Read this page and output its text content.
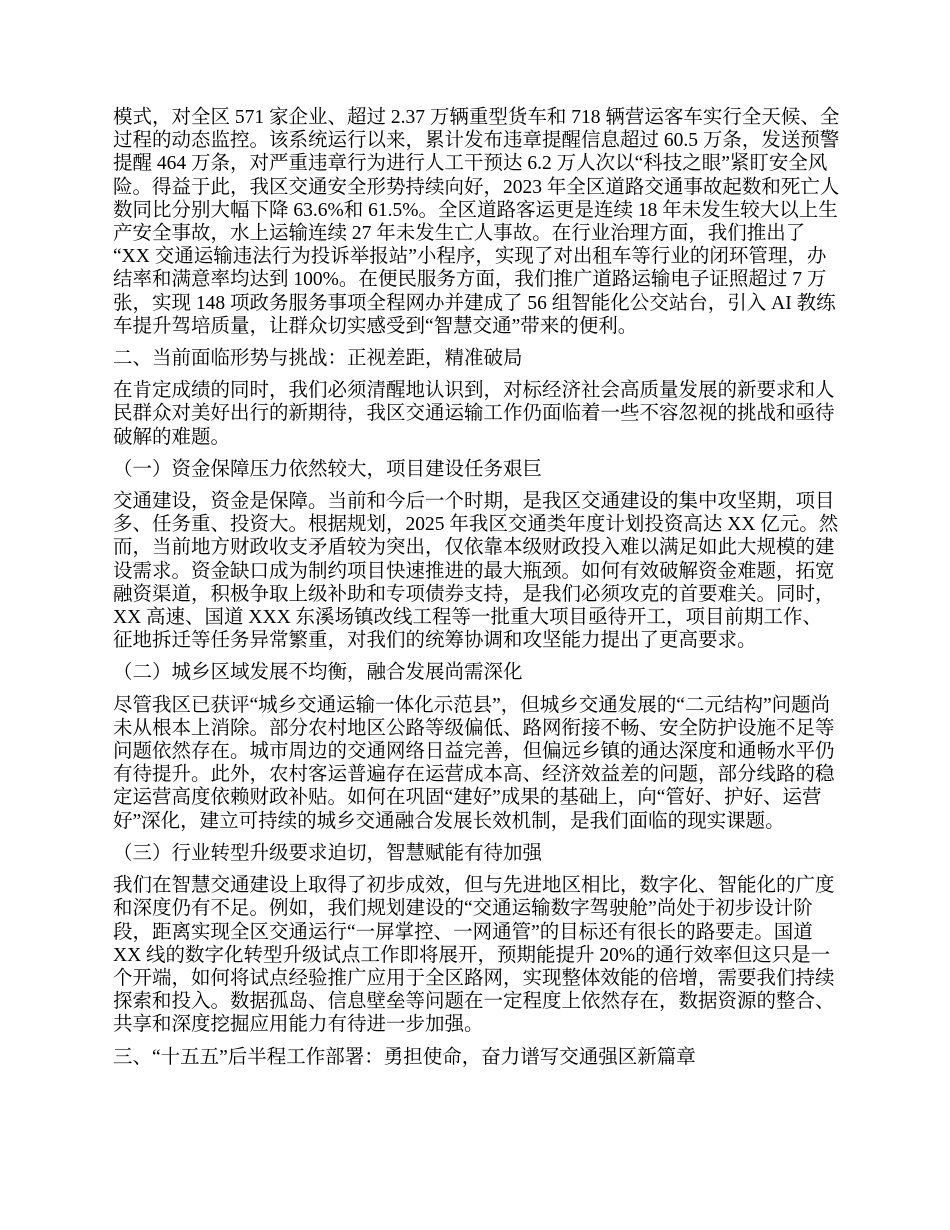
模式，对全区 571 家企业、超过 2.37 万辆重型货车和 718 辆营运客车实行全天候、全过程的动态监控。该系统运行以来，累计发布违章提醒信息超过 60.5 万条，发送预警提醒 464 万条，对严重违章行为进行人工干预达 6.2 万人次以“科技之眼”紧盯安全风险。得益于此，我区交通安全形势持续向好，2023 年全区道路交通事故起数和死亡人数同比分别大幅下降 63.6%和 61.5%。全区道路客运更是连续 18 年未发生较大以上生产安全事故，水上运输连续 27 年未发生亡人事故。在行业治理方面，我们推出了“XX 交通运输违法行为投诉举报站”小程序，实现了对出租车等行业的闭环管理，办结率和满意率均达到 100%。在便民服务方面，我们推广道路运输电子证照超过 7 万张，实现 148 项政务服务事项全程网办并建成了 56 组智能化公交站台，引入 AI 教练车提升驾培质量，让群众切实感受到“智慧交通”带来的便利。

二、当前面临形势与挑战：正视差距，精准破局

在肯定成绩的同时，我们必须清醒地认识到，对标经济社会高质量发展的新要求和人民群众对美好出行的新期待，我区交通运输工作仍面临着一些不容忽视的挑战和亟待破解的难题。

（一）资金保障压力依然较大，项目建设任务艰巨

交通建设，资金是保障。当前和今后一个时期，是我区交通建设的集中攻坚期，项目多、任务重、投资大。根据规划，2025 年我区交通类年度计划投资高达 XX 亿元。然而，当前地方财政收支矛盾较为突出，仅依靠本级财政投入难以满足如此大规模的建设需求。资金缺口成为制约项目快速推进的最大瓶颈。如何有效破解资金难题，拓宽融资渠道，积极争取上级补助和专项债券支持，是我们必须攻克的首要难关。同时，XX 高速、国道 XXX 东溪场镇改线工程等一批重大项目亟待开工，项目前期工作、征地拆迁等任务异常繁重，对我们的统筹协调和攻坚能力提出了更高要求。

（二）城乡区域发展不均衡，融合发展尚需深化

尽管我区已获评“城乡交通运输一体化示范县”，但城乡交通发展的“二元结构”问题尚未从根本上消除。部分农村地区公路等级偏低、路网衔接不畅、安全防护设施不足等问题依然存在。城市周边的交通网络日益完善，但偏远乡镇的通达深度和通畅水平仍有待提升。此外，农村客运普遍存在运营成本高、经济效益差的问题，部分线路的稳定运营高度依赖财政补贴。如何在巩固“建好”成果的基础上，向“管好、护好、运营好”深化，建立可持续的城乡交通融合发展长效机制，是我们面临的现实课题。

（三）行业转型升级要求迫切，智慧赋能有待加强

我们在智慧交通建设上取得了初步成效，但与先进地区相比，数字化、智能化的广度和深度仍有不足。例如，我们规划建设的“交通运输数字驾驶舱”尚处于初步设计阶段，距离实现全区交通运行“一屏掌控、一网通管”的目标还有很长的路要走。国道 XX 线的数字化转型升级试点工作即将展开，预期能提升 20%的通行效率但这只是一个开端，如何将试点经验推广应用于全区路网，实现整体效能的倍增，需要我们持续探索和投入。数据孤岛、信息壁垒等问题在一定程度上依然存在，数据资源的整合、共享和深度挖掘应用能力有待进一步加强。

三、“十五五”后半程工作部署：勇担使命，奋力谱写交通强区新篇章
